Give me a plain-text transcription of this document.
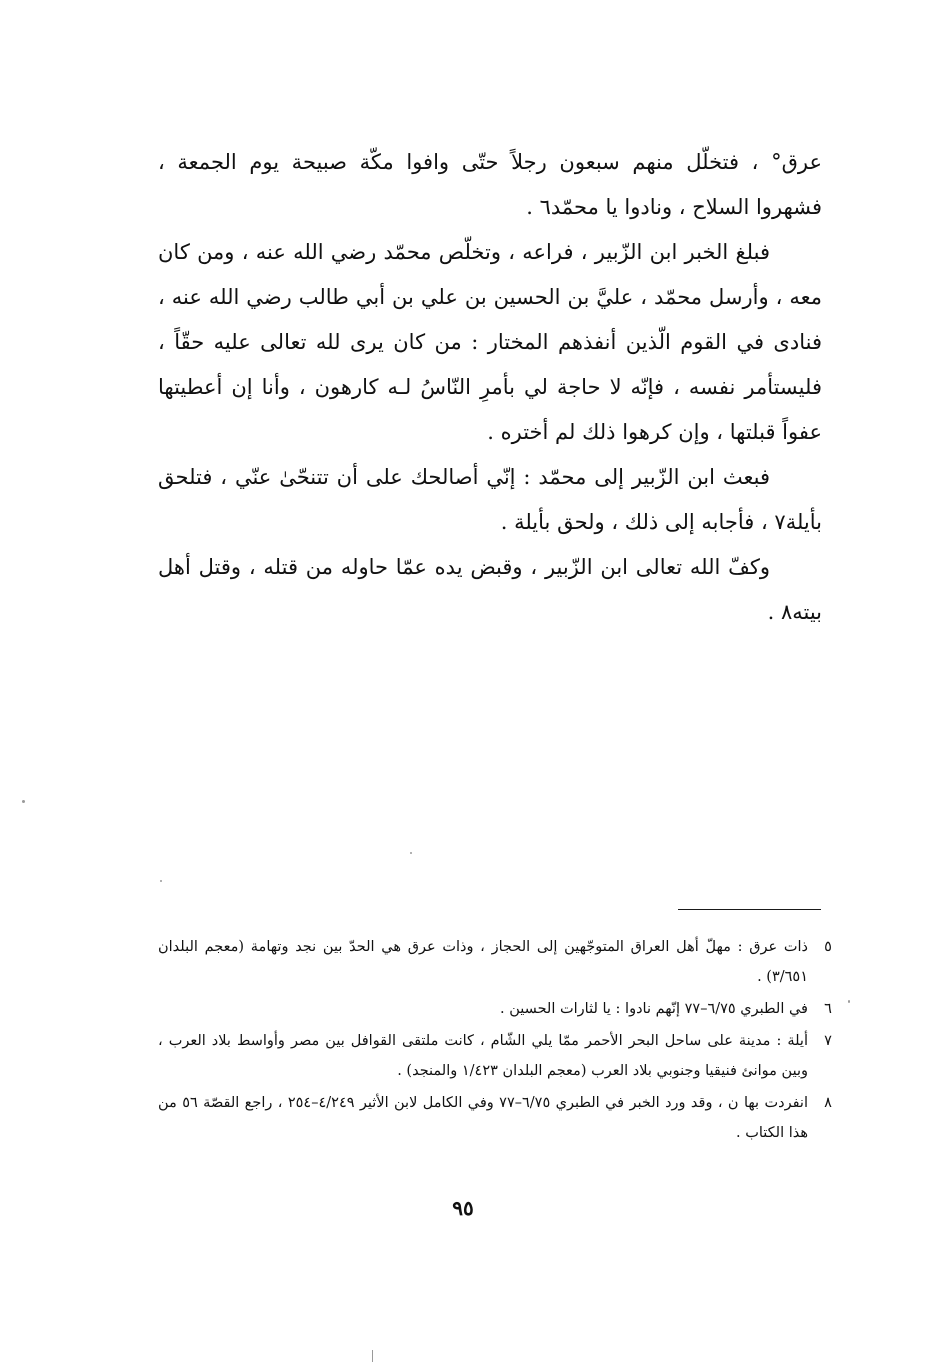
عرق° ، فتخلّل منهم سبعون رجلاً حتّى وافوا مكّة صبيحة يوم الجمعة ، فشهروا السلاح ، ونادوا يا محمّد٦ .

فبلغ الخبر ابن الزّبير ، فراعه ، وتخلّص محمّد رضي الله عنه ، ومن كان معه ، وأرسل محمّد ، عليَّ بن الحسين بن علي بن أبي طالب رضي الله عنه ، فنادى في القوم الّذين أنفذهم المختار : من كان يرى لله تعالى عليه حقّاً ، فليستأمر نفسه ، فإنّه لا حاجة لي بأمرِ النّاسُ لـه كارهون ، وأنا إن أعطيتها عفواً قبلتها ، وإن كرهوا ذلك لم أختره .

فبعث ابن الزّبير إلى محمّد : إنّي أصالحك على أن تتنحّىٰ عنّي ، فتلحق بأيلة٧ ، فأجابه إلى ذلك ، ولحق بأيلة .

وكفّ الله تعالى ابن الزّبير ، وقبض يده عمّا حاوله من قتله ، وقتل أهل بيته٨ .

٥
ذات عرق : مهلّ أهل العراق المتوجّهين إلى الحجاز ، وذات عرق هي الحدّ بين نجد وتهامة (معجم البلدان ٣/٦٥١) .
٦
في الطبري ٦/٧٥–٧٧ إنّهم نادوا : يا لثارات الحسين .
٧
أيلة : مدينة على ساحل البحر الأحمر ممّا يلي الشّام ، كانت ملتقى القوافل بين مصر وأواسط بلاد العرب ، وبين موانئ فنيقيا وجنوبي بلاد العرب (معجم البلدان ١/٤٢٣ والمنجد) .
٨
انفردت بها ن ، وقد ورد الخبر في الطبري ٦/٧٥–٧٧ وفي الكامل لابن الأثير ٤/٢٤٩–٢٥٤ ، راجع القصّة ٥٦ من هذا الكتاب .
٩٥
